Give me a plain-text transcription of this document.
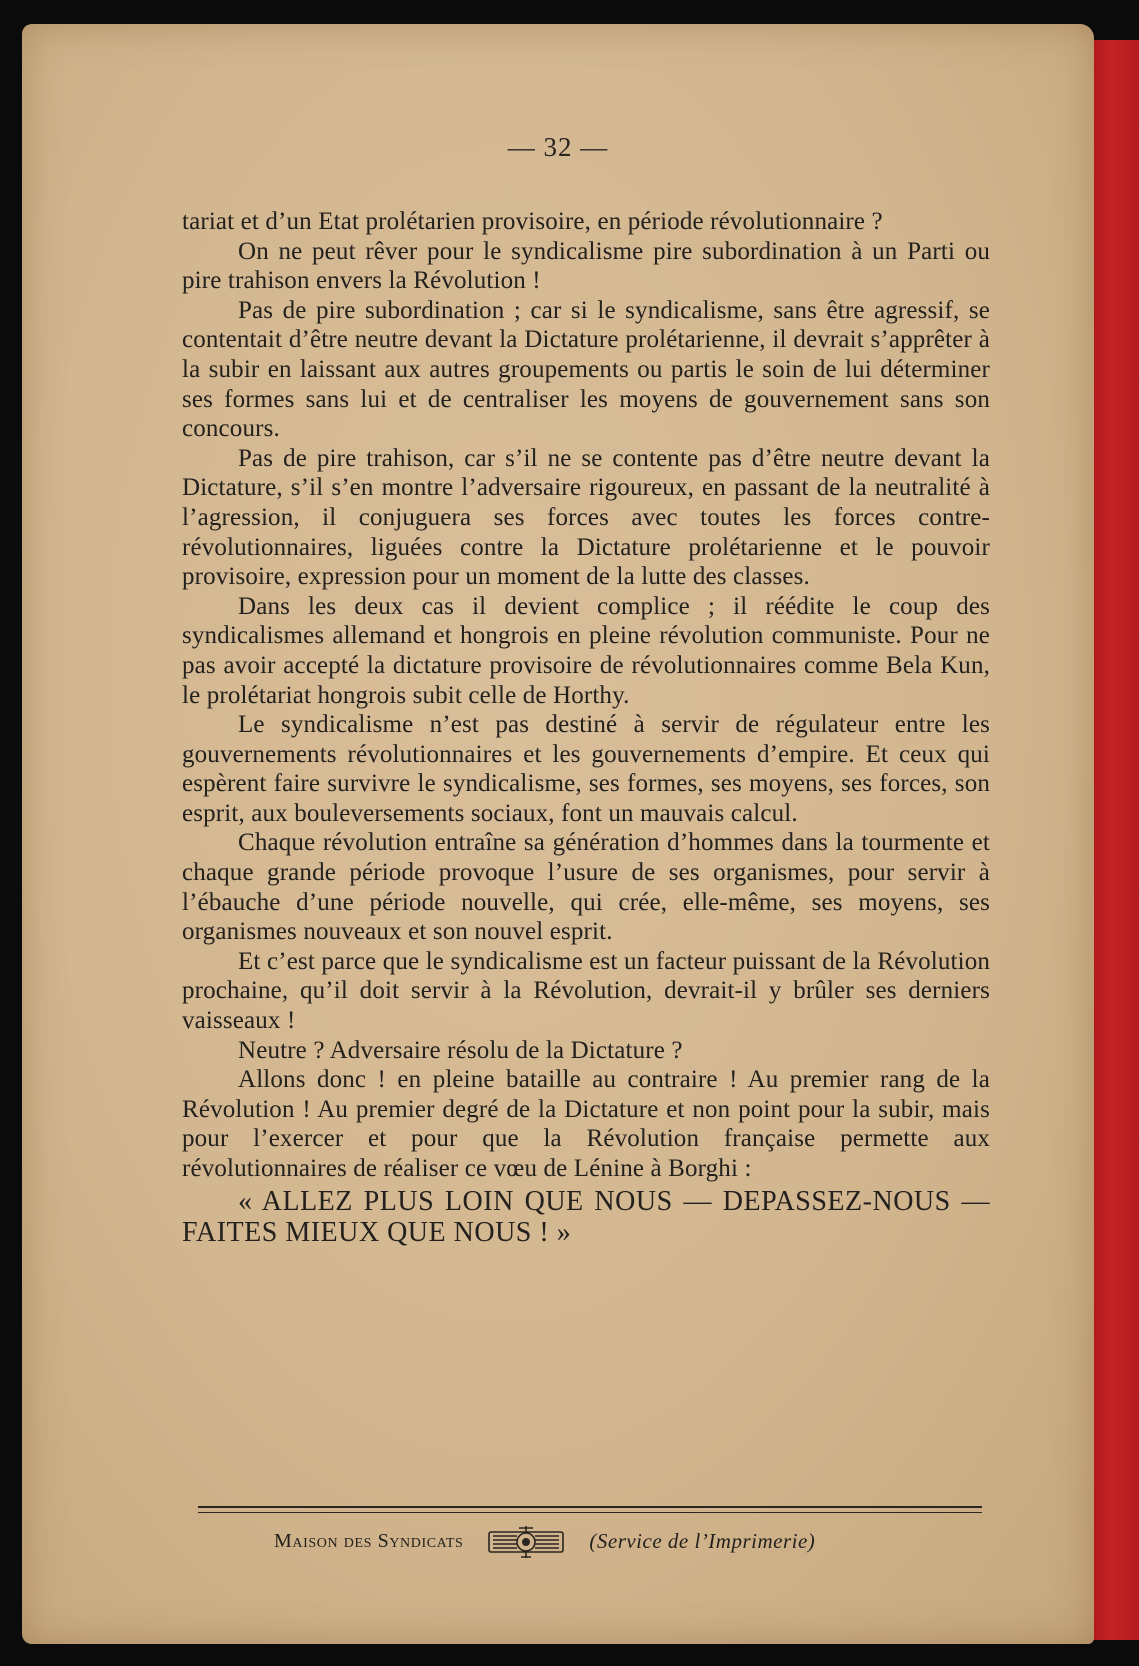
— 32 —

tariat et d’un Etat prolétarien provisoire, en période révolutionnaire ?

On ne peut rêver pour le syndicalisme pire subordination à un Parti ou pire trahison envers la Révolution !

Pas de pire subordination ; car si le syndicalisme, sans être agressif, se contentait d’être neutre devant la Dictature prolétarienne, il devrait s’apprêter à la subir en laissant aux autres groupements ou partis le soin de lui déterminer ses formes sans lui et de centraliser les moyens de gouvernement sans son concours.

Pas de pire trahison, car s’il ne se contente pas d’être neutre devant la Dictature, s’il s’en montre l’adversaire rigoureux, en passant de la neutralité à l’agression, il conjuguera ses forces avec toutes les forces contre-révolutionnaires, liguées contre la Dictature prolétarienne et le pouvoir provisoire, expression pour un moment de la lutte des classes.

Dans les deux cas il devient complice ; il réédite le coup des syndicalismes allemand et hongrois en pleine révolution communiste. Pour ne pas avoir accepté la dictature provisoire de révolutionnaires comme Bela Kun, le prolétariat hongrois subit celle de Horthy.

Le syndicalisme n’est pas destiné à servir de régulateur entre les gouvernements révolutionnaires et les gouvernements d’empire. Et ceux qui espèrent faire survivre le syndicalisme, ses formes, ses moyens, ses forces, son esprit, aux bouleversements sociaux, font un mauvais calcul.

Chaque révolution entraîne sa génération d’hommes dans la tourmente et chaque grande période provoque l’usure de ses organismes, pour servir à l’ébauche d’une période nouvelle, qui crée, elle-même, ses moyens, ses organismes nouveaux et son nouvel esprit.

Et c’est parce que le syndicalisme est un facteur puissant de la Révolution prochaine, qu’il doit servir à la Révolution, devrait-il y brûler ses derniers vaisseaux !

Neutre ? Adversaire résolu de la Dictature ?

Allons donc ! en pleine bataille au contraire ! Au premier rang de la Révolution ! Au premier degré de la Dictature et non point pour la subir, mais pour l’exercer et pour que la Révolution française permette aux révolutionnaires de réaliser ce vœu de Lénine à Borghi :

« ALLEZ PLUS LOIN QUE NOUS — DEPASSEZ-NOUS — FAITES MIEUX QUE NOUS ! »

Maison des Syndicats	(Service de l’Imprimerie)
